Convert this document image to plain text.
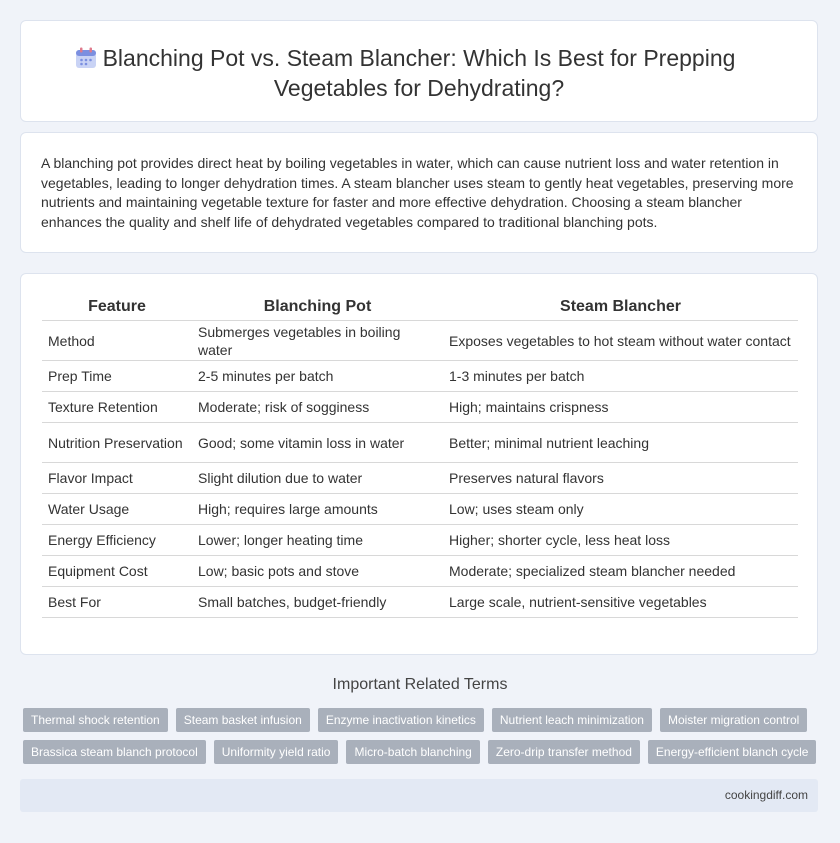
Blanching Pot vs. Steam Blancher: Which Is Best for Prepping
Vegetables for Dehydrating?
A blanching pot provides direct heat by boiling vegetables in water, which can cause nutrient loss and water retention in vegetables, leading to longer dehydration times. A steam blancher uses steam to gently heat vegetables, preserving more nutrients and maintaining vegetable texture for faster and more effective dehydration. Choosing a steam blancher enhances the quality and shelf life of dehydrated vegetables compared to traditional blanching pots.
Feature	Blanching Pot	Steam Blancher
Method	Submerges vegetables in boiling water	Exposes vegetables to hot steam without water contact
Prep Time	2-5 minutes per batch	1-3 minutes per batch
Texture Retention	Moderate; risk of sogginess	High; maintains crispness
Nutrition Preservation	Good; some vitamin loss in water	Better; minimal nutrient leaching
Flavor Impact	Slight dilution due to water	Preserves natural flavors
Water Usage	High; requires large amounts	Low; uses steam only
Energy Efficiency	Lower; longer heating time	Higher; shorter cycle, less heat loss
Equipment Cost	Low; basic pots and stove	Moderate; specialized steam blancher needed
Best For	Small batches, budget-friendly	Large scale, nutrient-sensitive vegetables
Important Related Terms
Thermal shock retention	Steam basket infusion	Enzyme inactivation kinetics	Nutrient leach minimization	Moister migration control
Brassica steam blanch protocol	Uniformity yield ratio	Micro-batch blanching	Zero-drip transfer method	Energy-efficient blanch cycle
cookingdiff.com
